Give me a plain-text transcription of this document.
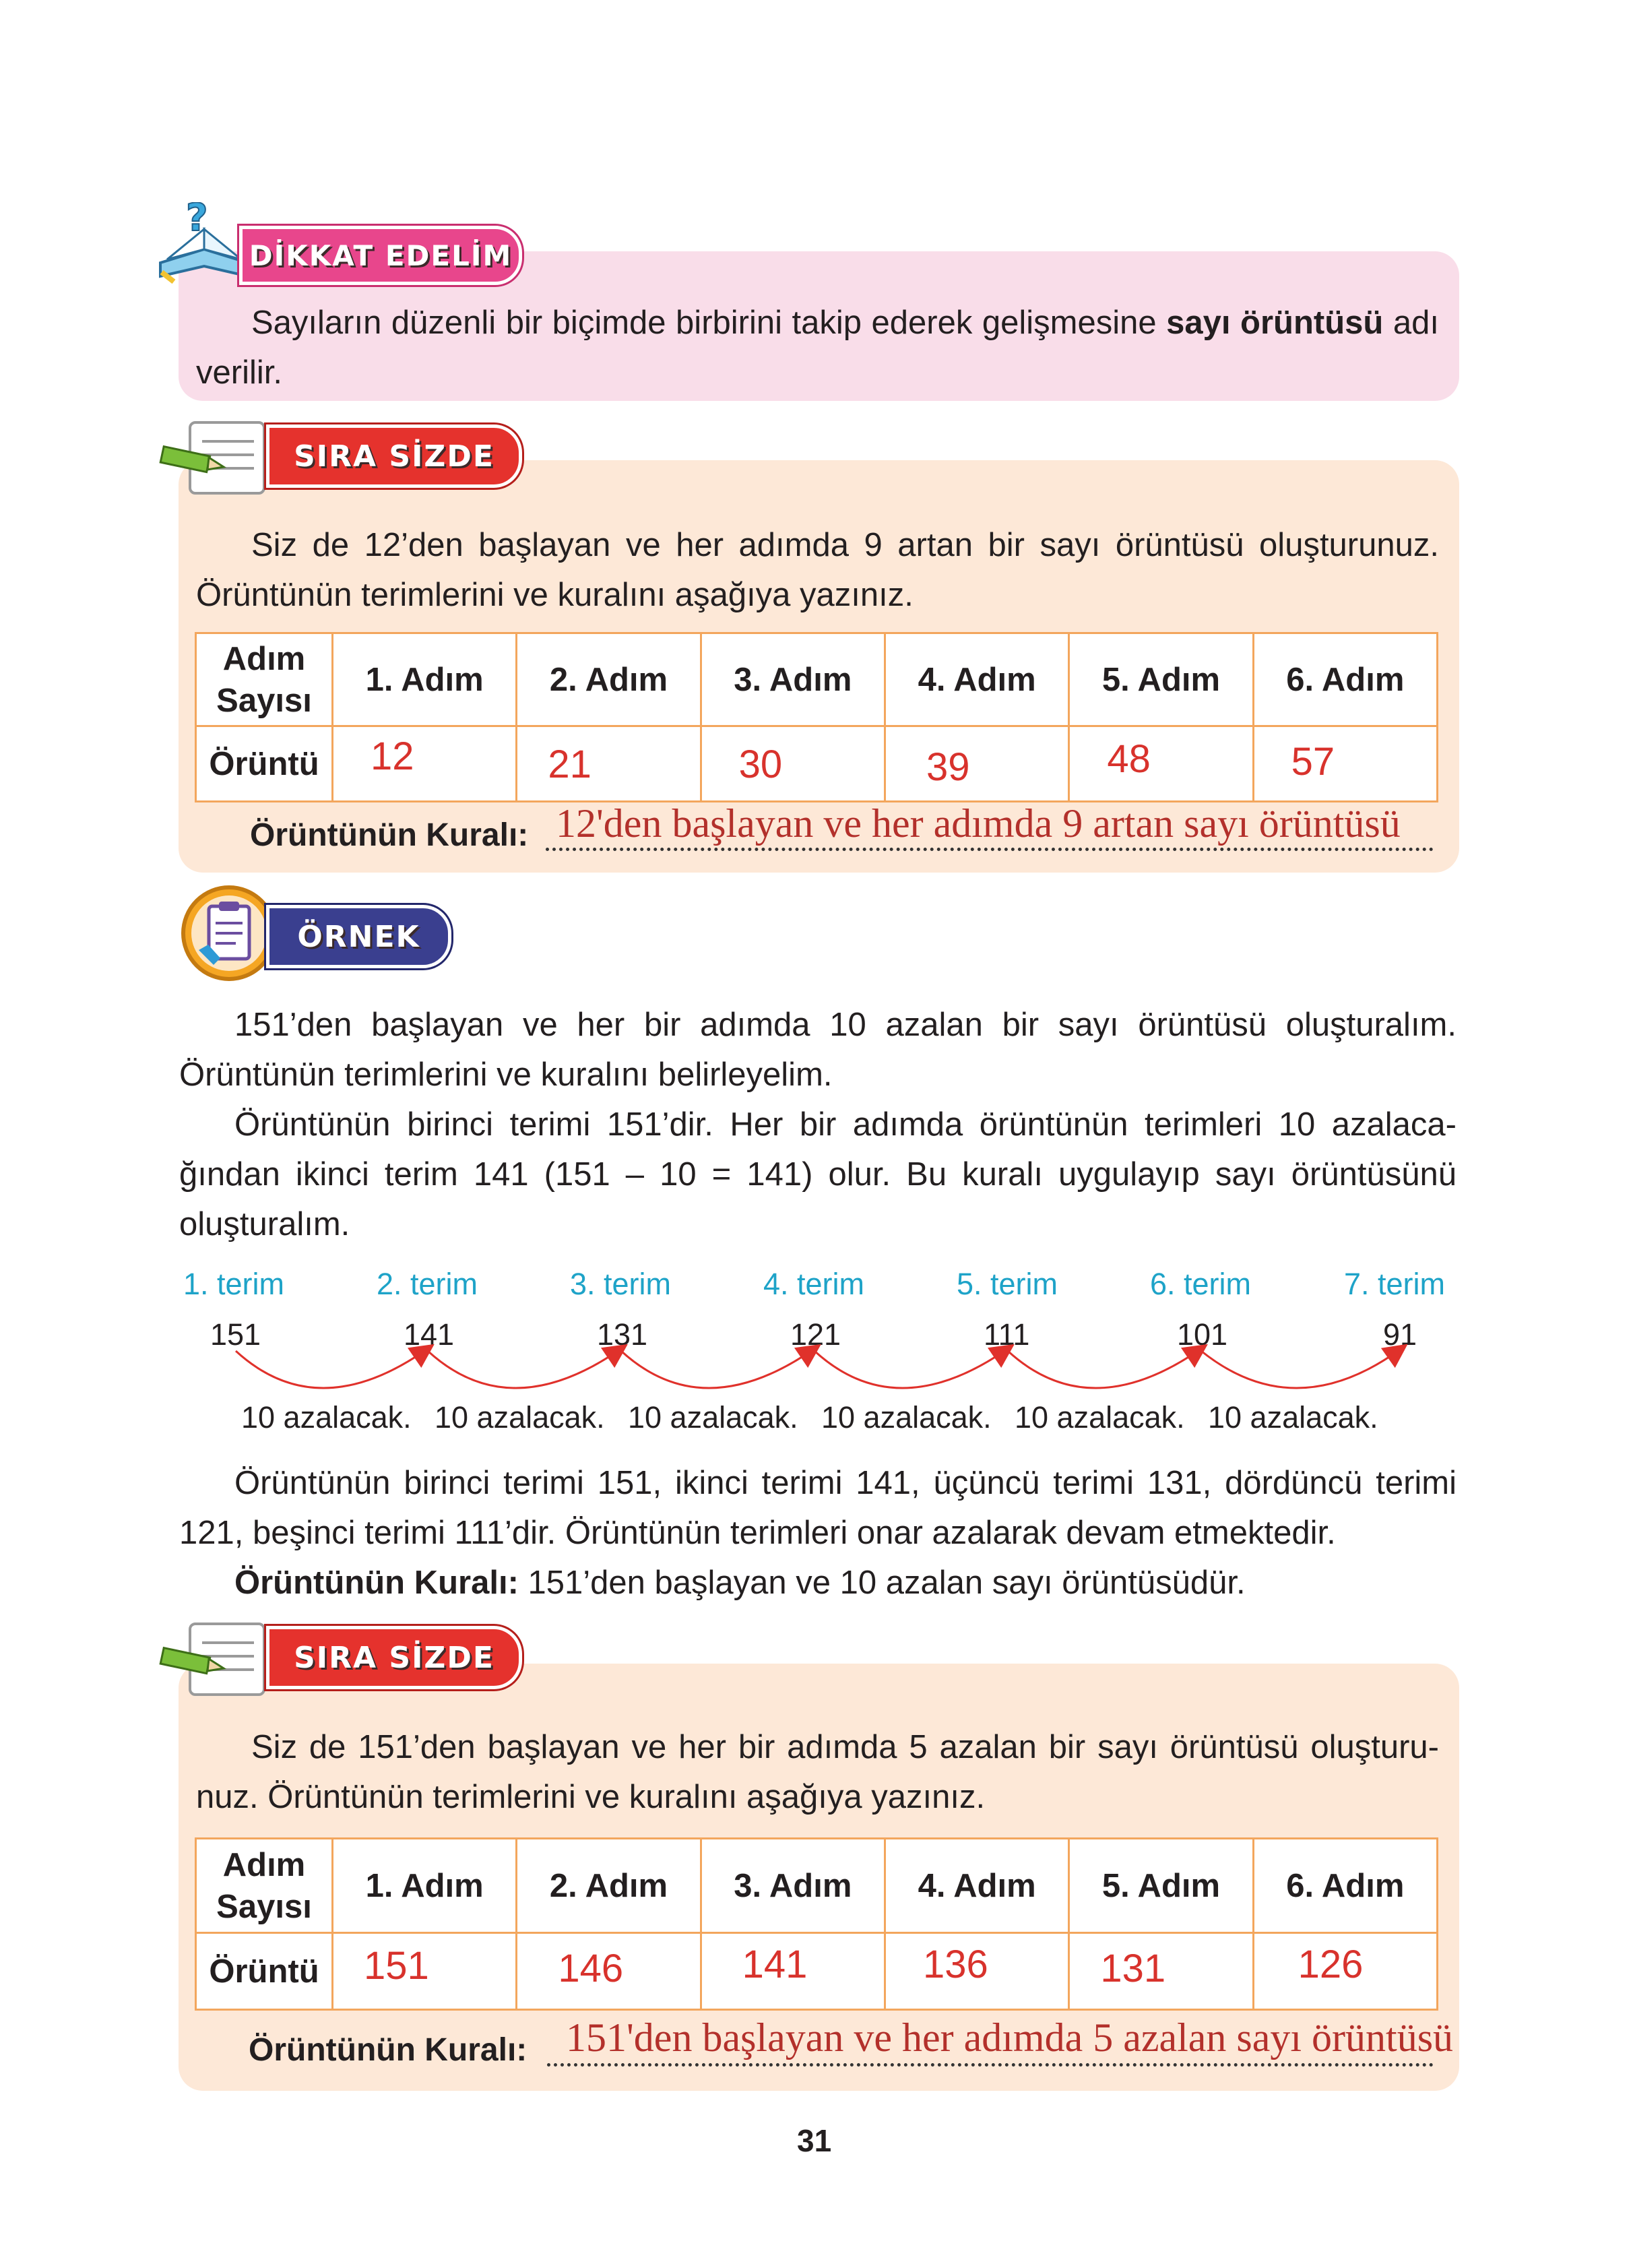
?
DİKKAT EDELİM
Sayıların düzenli bir biçimde birbirini takip ederek gelişmesine sayı örüntüsü adı verilir.
SIRA SİZDE
Siz de 12’den başlayan ve her adımda 9 artan bir sayı örüntüsü oluşturunuz. Örüntünün terimlerini ve kuralını aşağıya yazınız.
Adım
Sayısı	1. Adım	2. Adım	3. Adım	4. Adım	5. Adım	6. Adım
Örüntü	12	21	30	39	48	57
Örüntünün Kuralı: 12'den başlayan ve her adımda 9 artan sayı örüntüsü
ÖRNEK
151’den başlayan ve her bir adımda 10 azalan bir sayı örüntüsü oluşturalım. Örüntünün terimlerini ve kuralını belirleyelim.
Örüntünün birinci terimi 151’dir. Her bir adımda örüntünün terimleri 10 azalaca-ğından ikinci terim 141 (151 – 10 = 141) olur. Bu kuralı uygulayıp sayı örüntüsünü oluşturalım.
1. terim	2. terim	3. terim	4. terim	5. terim	6. terim	7. terim
151	141	131	121	111	101	91
10 azalacak. 10 azalacak. 10 azalacak. 10 azalacak. 10 azalacak. 10 azalacak.
Örüntünün birinci terimi 151, ikinci terimi 141, üçüncü terimi 131, dördüncü terimi 121, beşinci terimi 111’dir. Örüntünün terimleri onar azalarak devam etmektedir.
Örüntünün Kuralı: 151’den başlayan ve 10 azalan sayı örüntüsüdür.
SIRA SİZDE
Siz de 151’den başlayan ve her bir adımda 5 azalan bir sayı örüntüsü oluşturu-nuz. Örüntünün terimlerini ve kuralını aşağıya yazınız.
Adım
Sayısı	1. Adım	2. Adım	3. Adım	4. Adım	5. Adım	6. Adım
Örüntü	151	146	141	136	131	126
Örüntünün Kuralı: 151'den başlayan ve her adımda 5 azalan sayı örüntüsü
31
